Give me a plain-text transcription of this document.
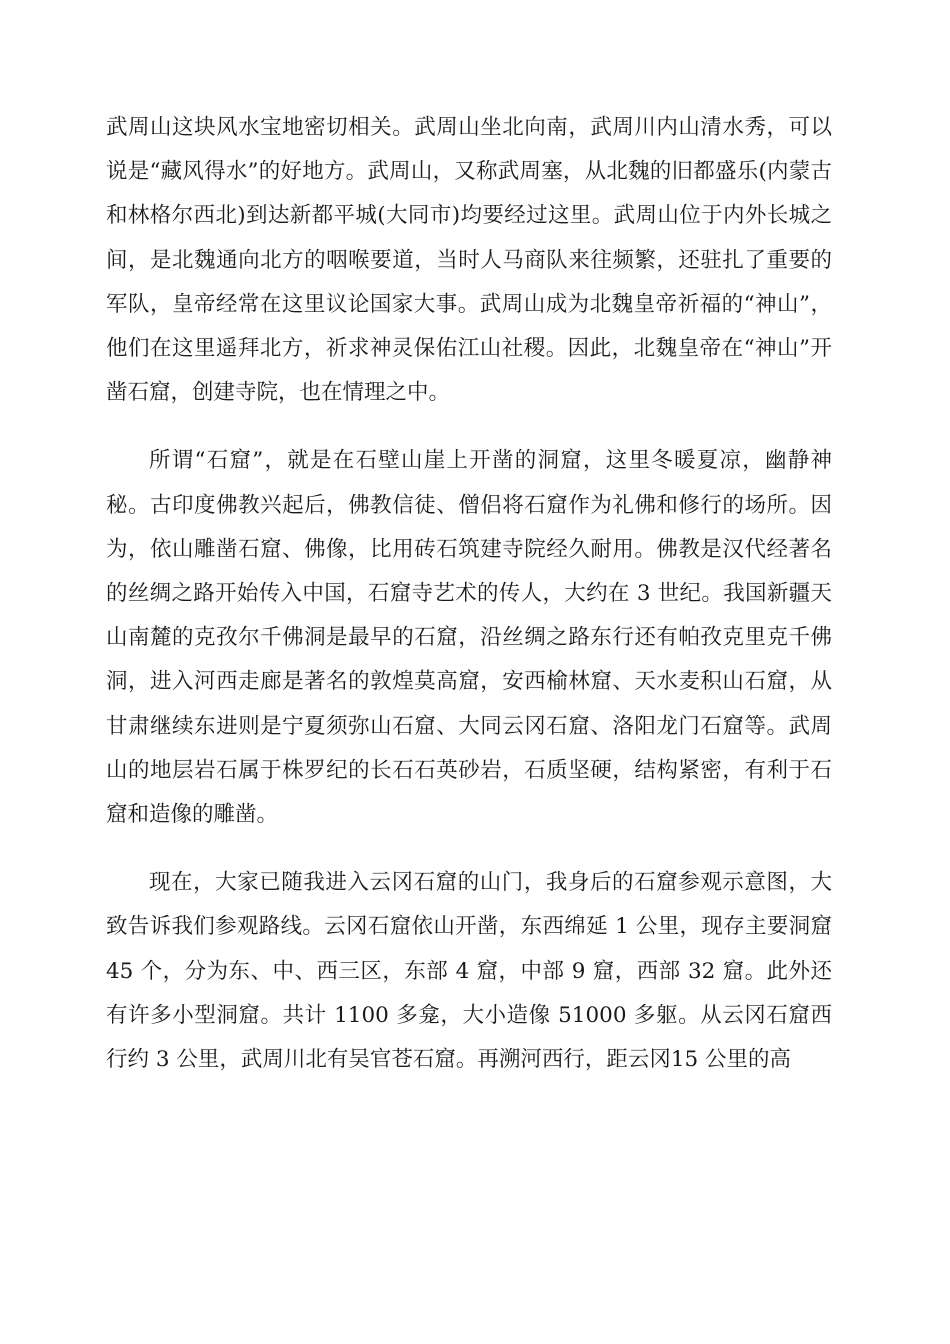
武周山这块风水宝地密切相关。武周山坐北向南，武周川内山清水秀，可以说是“藏风得水”的好地方。武周山，又称武周塞，从北魏的旧都盛乐(内蒙古和林格尔西北)到达新都平城(大同市)均要经过这里。武周山位于内外长城之间，是北魏通向北方的咽喉要道，当时人马商队来往频繁，还驻扎了重要的军队，皇帝经常在这里议论国家大事。武周山成为北魏皇帝祈福的“神山”，他们在这里遥拜北方，祈求神灵保佑江山社稷。因此，北魏皇帝在“神山”开凿石窟，创建寺院，也在情理之中。

所谓“石窟”，就是在石壁山崖上开凿的洞窟，这里冬暖夏凉，幽静神秘。古印度佛教兴起后，佛教信徒、僧侣将石窟作为礼佛和修行的场所。因为，依山雕凿石窟、佛像，比用砖石筑建寺院经久耐用。佛教是汉代经著名的丝绸之路开始传入中国，石窟寺艺术的传人，大约在 3 世纪。我国新疆天山南麓的克孜尔千佛洞是最早的石窟，沿丝绸之路东行还有帕孜克里克千佛洞，进入河西走廊是著名的敦煌莫高窟，安西榆林窟、天水麦积山石窟，从甘肃继续东进则是宁夏须弥山石窟、大同云冈石窟、洛阳龙门石窟等。武周山的地层岩石属于株罗纪的长石石英砂岩，石质坚硬，结构紧密，有利于石窟和造像的雕凿。

现在，大家已随我进入云冈石窟的山门，我身后的石窟参观示意图，大致告诉我们参观路线。云冈石窟依山开凿，东西绵延 1 公里，现存主要洞窟 45 个，分为东、中、西三区，东部 4 窟，中部 9 窟，西部 32 窟。此外还有许多小型洞窟。共计 1100 多龛，大小造像 51000 多躯。从云冈石窟西行约 3 公里，武周川北有吴官苍石窟。再溯河西行，距云冈15 公里的高
